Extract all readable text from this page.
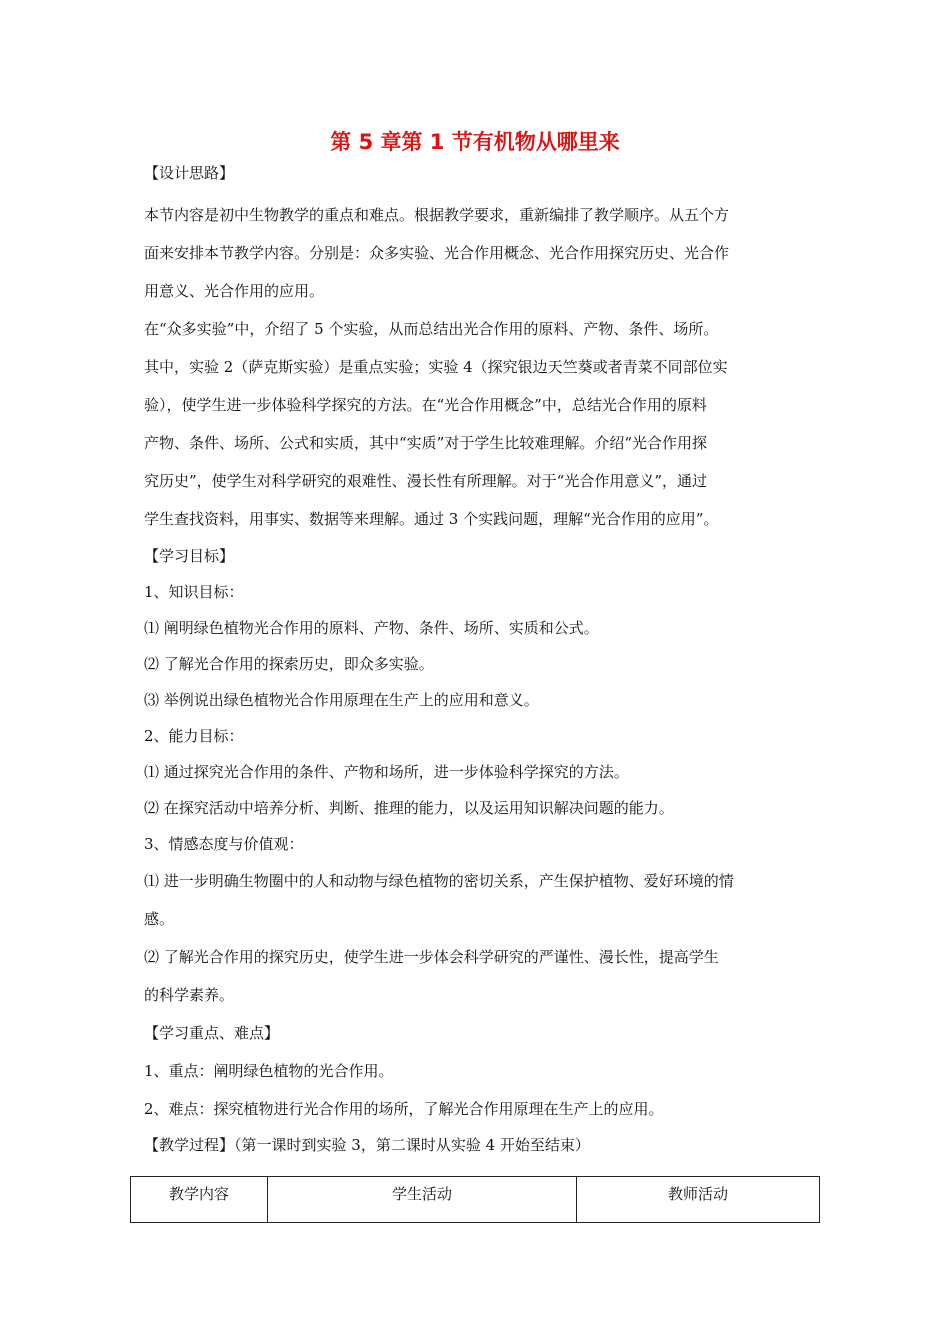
第 5 章第 1 节有机物从哪里来
【设计思路】
本节内容是初中生物教学的重点和难点。根据教学要求，重新编排了教学顺序。从五个方
面来安排本节教学内容。分别是：众多实验、光合作用概念、光合作用探究历史、光合作
用意义、光合作用的应用。
在“众多实验”中，介绍了 5 个实验，从而总结出光合作用的原料、产物、条件、场所。
其中，实验 2（萨克斯实验）是重点实验；实验 4（探究银边天竺葵或者青菜不同部位实
验），使学生进一步体验科学探究的方法。在“光合作用概念”中，总结光合作用的原料
产物、条件、场所、公式和实质，其中“实质”对于学生比较难理解。介绍“光合作用探
究历史”，使学生对科学研究的艰难性、漫长性有所理解。对于“光合作用意义”，通过
学生查找资料，用事实、数据等来理解。通过 3 个实践问题，理解“光合作用的应用”。
【学习目标】
1、知识目标：
⑴ 阐明绿色植物光合作用的原料、产物、条件、场所、实质和公式。
⑵ 了解光合作用的探索历史，即众多实验。
⑶ 举例说出绿色植物光合作用原理在生产上的应用和意义。
2、能力目标：
⑴ 通过探究光合作用的条件、产物和场所，进一步体验科学探究的方法。
⑵ 在探究活动中培养分析、判断、推理的能力，以及运用知识解决问题的能力。
3、情感态度与价值观：
⑴ 进一步明确生物圈中的人和动物与绿色植物的密切关系，产生保护植物、爱好环境的情
感。
⑵ 了解光合作用的探究历史，使学生进一步体会科学研究的严谨性、漫长性，提高学生
的科学素养。
【学习重点、难点】
1、重点：阐明绿色植物的光合作用。
2、难点：探究植物进行光合作用的场所，了解光合作用原理在生产上的应用。
【教学过程】（第一课时到实验 3，第二课时从实验 4 开始至结束）
教学内容	学生活动	教师活动
